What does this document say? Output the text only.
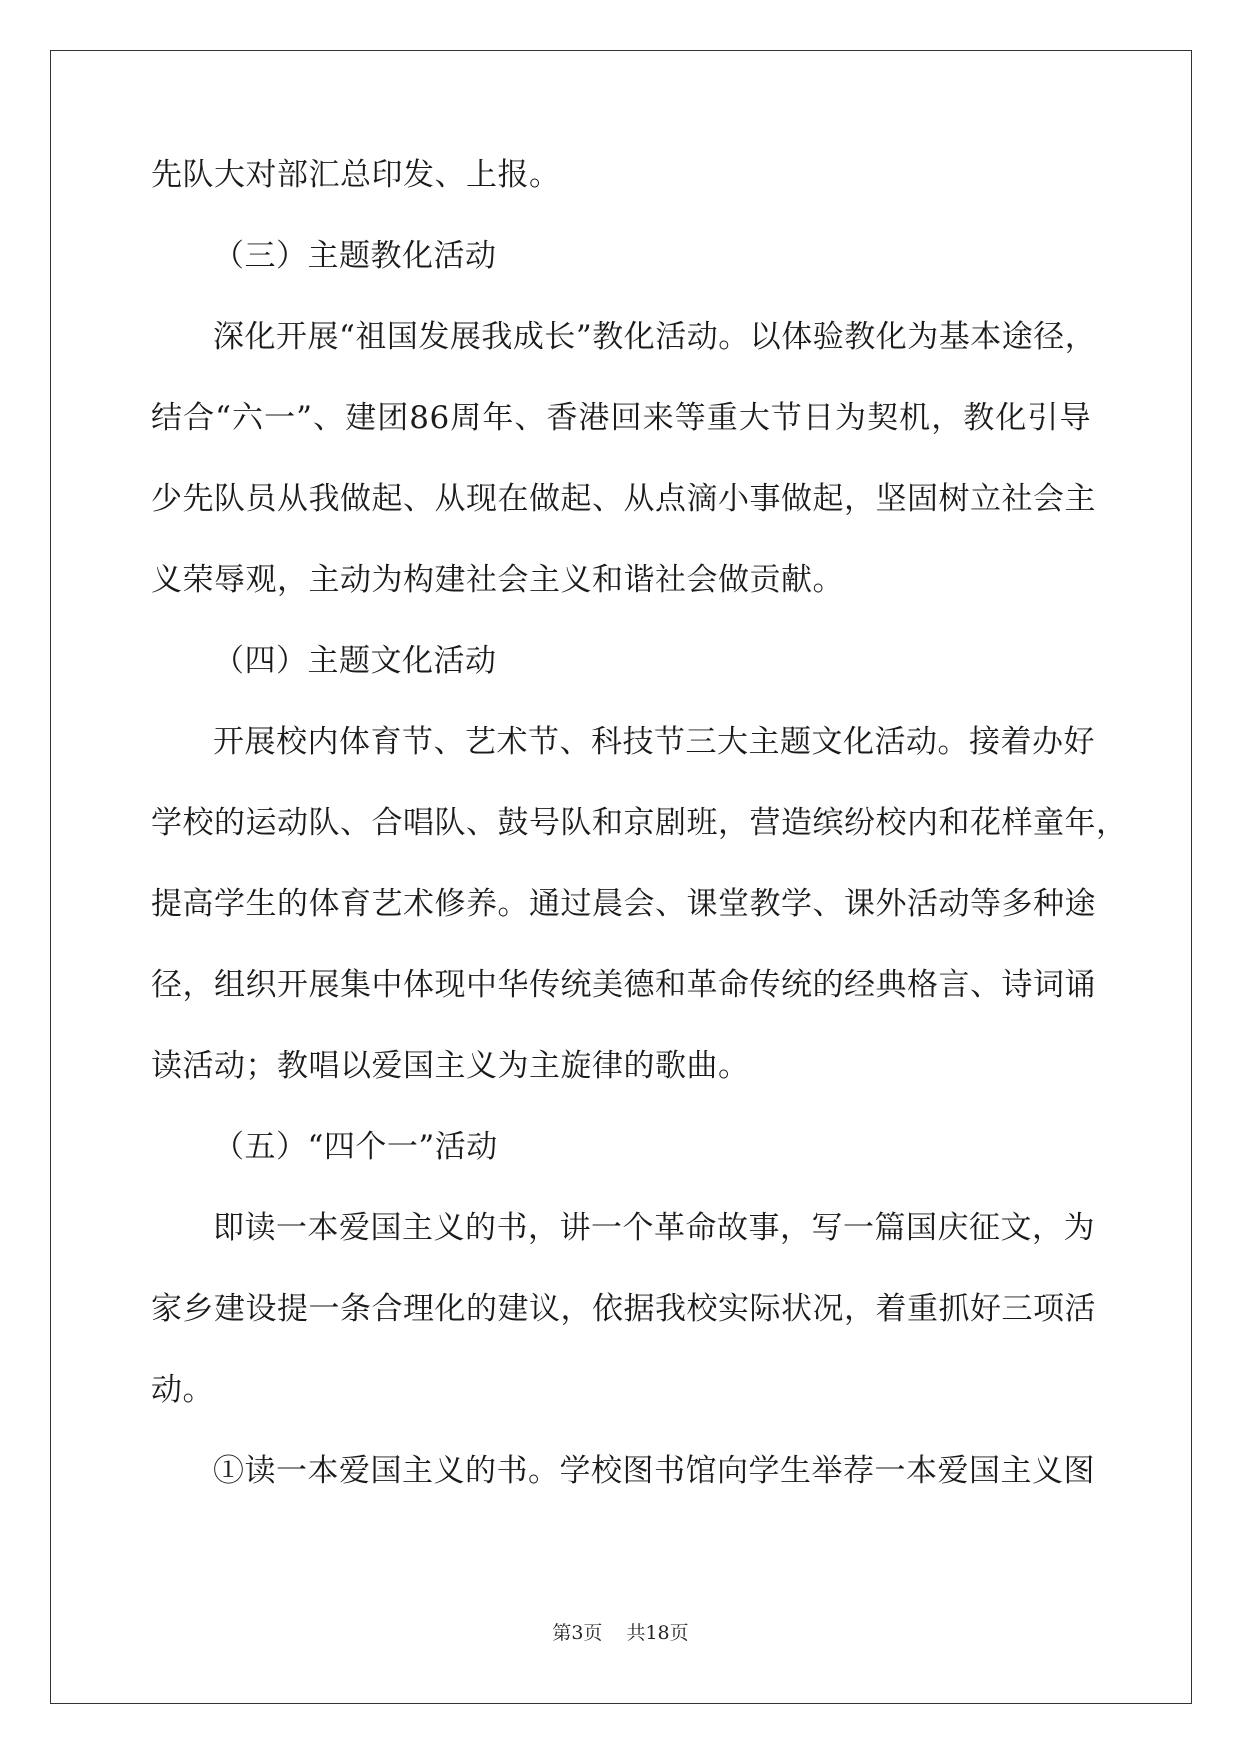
先队大对部汇总印发、上报。
（三）主题教化活动
深化开展“祖国发展我成长”教化活动。以体验教化为基本途径，
结合“六一”、建团86周年、香港回来等重大节日为契机，教化引导
少先队员从我做起、从现在做起、从点滴小事做起，坚固树立社会主
义荣辱观，主动为构建社会主义和谐社会做贡献。
（四）主题文化活动
开展校内体育节、艺术节、科技节三大主题文化活动。接着办好
学校的运动队、合唱队、鼓号队和京剧班，营造缤纷校内和花样童年，
提高学生的体育艺术修养。通过晨会、课堂教学、课外活动等多种途
径，组织开展集中体现中华传统美德和革命传统的经典格言、诗词诵
读活动；教唱以爱国主义为主旋律的歌曲。
（五）“四个一”活动
即读一本爱国主义的书，讲一个革命故事，写一篇国庆征文，为
家乡建设提一条合理化的建议，依据我校实际状况，着重抓好三项活
动。
①读一本爱国主义的书。学校图书馆向学生举荐一本爱国主义图
第3页 共18页
